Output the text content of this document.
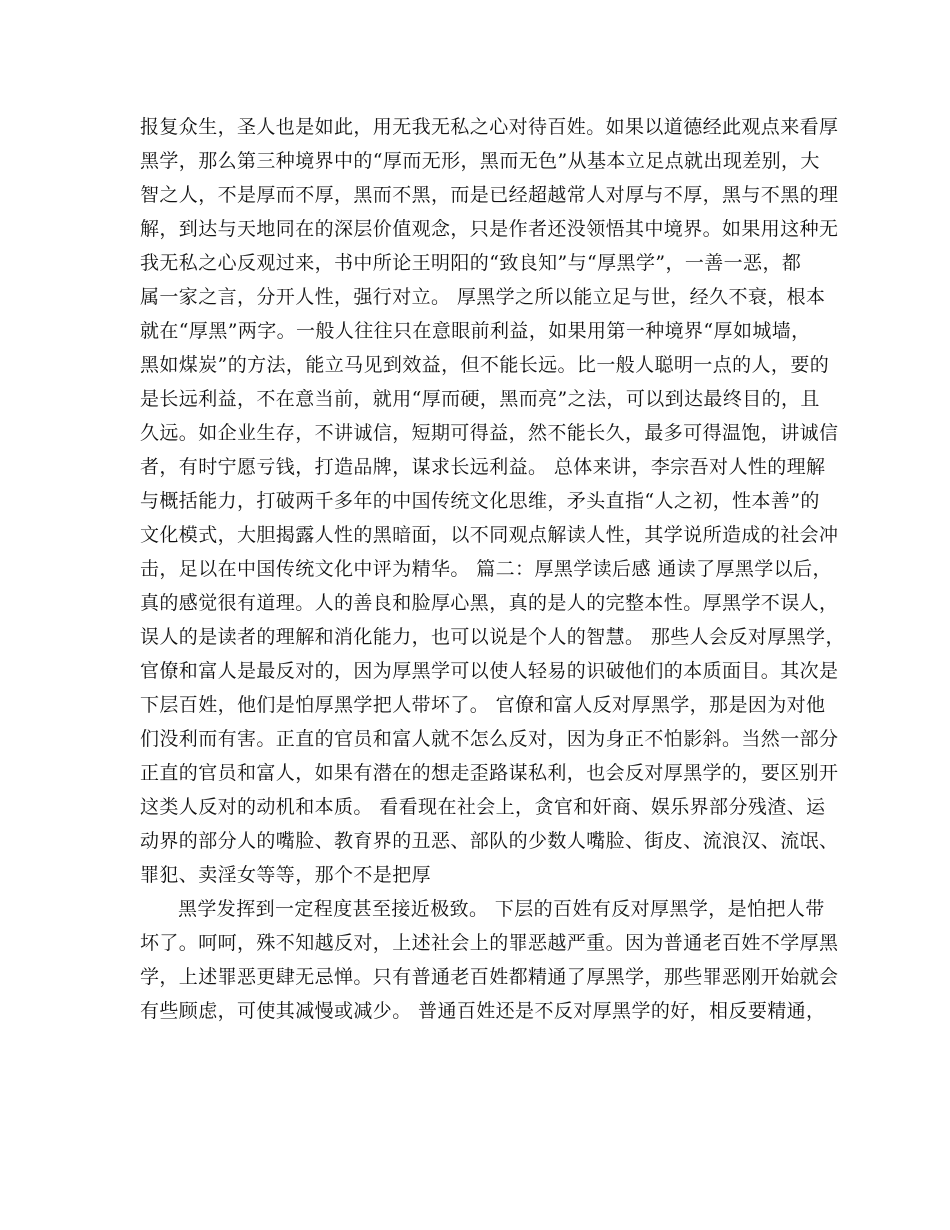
报复众生，圣人也是如此，用无我无私之心对待百姓。如果以道德经此观点来看厚
黑学，那么第三种境界中的“厚而无形，黑而无色”从基本立足点就出现差别，大
智之人，不是厚而不厚，黑而不黑，而是已经超越常人对厚与不厚，黑与不黑的理
解，到达与天地同在的深层价值观念，只是作者还没领悟其中境界。如果用这种无
我无私之心反观过来，书中所论王明阳的“致良知”与“厚黑学”，一善一恶，都
属一家之言，分开人性，强行对立。 厚黑学之所以能立足与世，经久不衰，根本
就在“厚黑”两字。一般人往往只在意眼前利益，如果用第一种境界“厚如城墙，
黑如煤炭”的方法，能立马见到效益，但不能长远。比一般人聪明一点的人，要的
是长远利益，不在意当前，就用“厚而硬，黑而亮”之法，可以到达最终目的，且
久远。如企业生存，不讲诚信，短期可得益，然不能长久，最多可得温饱，讲诚信
者，有时宁愿亏钱，打造品牌，谋求长远利益。 总体来讲，李宗吾对人性的理解
与概括能力，打破两千多年的中国传统文化思维，矛头直指“人之初，性本善”的
文化模式，大胆揭露人性的黑暗面，以不同观点解读人性，其学说所造成的社会冲
击，足以在中国传统文化中评为精华。 篇二：厚黑学读后感 通读了厚黑学以后，
真的感觉很有道理。人的善良和脸厚心黑，真的是人的完整本性。厚黑学不误人，
误人的是读者的理解和消化能力，也可以说是个人的智慧。 那些人会反对厚黑学，
官僚和富人是最反对的，因为厚黑学可以使人轻易的识破他们的本质面目。其次是
下层百姓，他们是怕厚黑学把人带坏了。 官僚和富人反对厚黑学，那是因为对他
们没利而有害。正直的官员和富人就不怎么反对，因为身正不怕影斜。当然一部分
正直的官员和富人，如果有潜在的想走歪路谋私利，也会反对厚黑学的，要区别开
这类人反对的动机和本质。 看看现在社会上，贪官和奸商、娱乐界部分残渣、运
动界的部分人的嘴脸、教育界的丑恶、部队的少数人嘴脸、街皮、流浪汉、流氓、
罪犯、卖淫女等等，那个不是把厚
黑学发挥到一定程度甚至接近极致。 下层的百姓有反对厚黑学，是怕把人带
坏了。呵呵，殊不知越反对，上述社会上的罪恶越严重。因为普通老百姓不学厚黑
学，上述罪恶更肆无忌惮。只有普通老百姓都精通了厚黑学，那些罪恶刚开始就会
有些顾虑，可使其减慢或减少。 普通百姓还是不反对厚黑学的好，相反要精通，
